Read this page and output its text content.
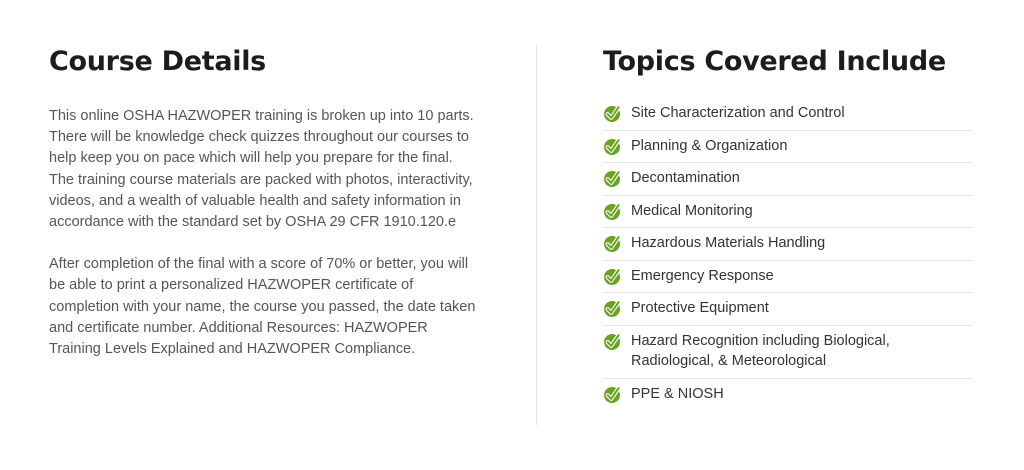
Course Details

This online OSHA HAZWOPER training is broken up into 10 parts. There will be knowledge check quizzes throughout our courses to help keep you on pace which will help you prepare for the final. The training course materials are packed with photos, interactivity, videos, and a wealth of valuable health and safety information in accordance with the standard set by OSHA 29 CFR 1910.120.e

After completion of the final with a score of 70% or better, you will be able to print a personalized HAZWOPER certificate of completion with your name, the course you passed, the date taken and certificate number. Additional Resources: HAZWOPER Training Levels Explained and HAZWOPER Compliance.

Topics Covered Include
Site Characterization and Control
Planning & Organization
Decontamination
Medical Monitoring
Hazardous Materials Handling
Emergency Response
Protective Equipment
Hazard Recognition including Biological, Radiological, & Meteorological
PPE & NIOSH
